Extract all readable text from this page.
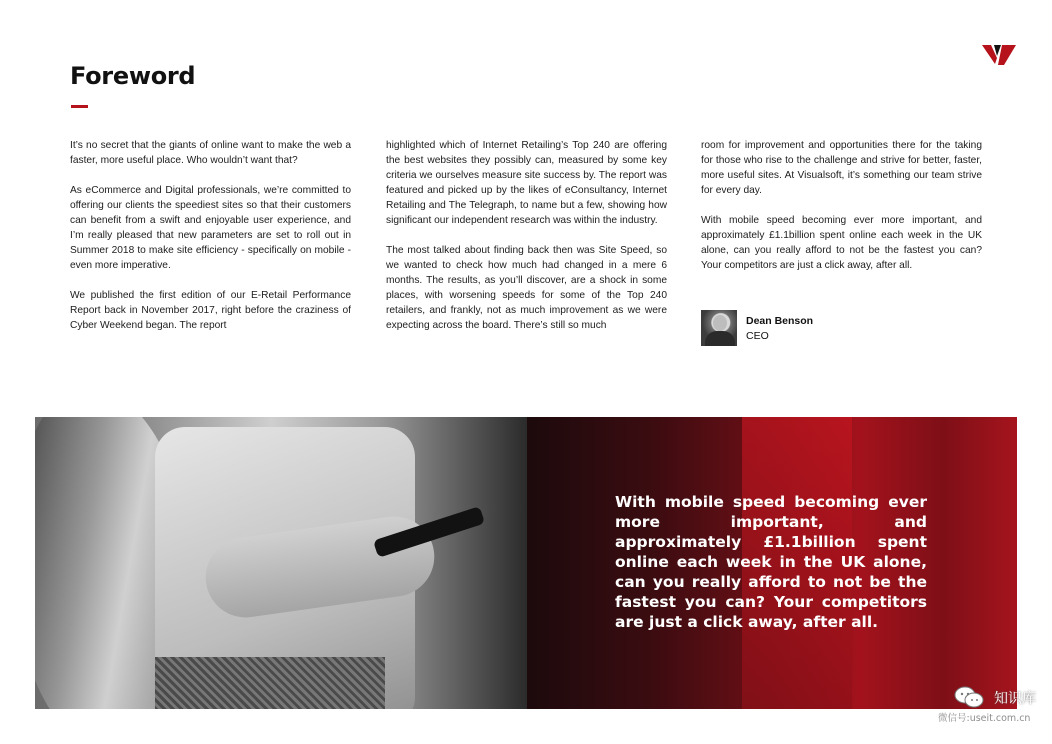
Foreword

It’s no secret that the giants of online want to make the web a faster, more useful place. Who wouldn’t want that?

As eCommerce and Digital professionals, we’re committed to offering our clients the speediest sites so that their customers can benefit from a swift and enjoyable user experience, and I’m really pleased that new parameters are set to roll out in Summer 2018 to make site efficiency - specifically on mobile - even more imperative.

We published the first edition of our E-Retail Performance Report back in November 2017, right before the craziness of Cyber Weekend began. The report

highlighted which of Internet Retailing’s Top 240 are offering the best websites they possibly can, measured by some key criteria we ourselves measure site success by. The report was featured and picked up by the likes of eConsultancy, Internet Retailing and The Telegraph, to name but a few, showing how significant our independent research was within the industry.

The most talked about finding back then was Site Speed, so we wanted to check how much had changed in a mere 6 months. The results, as you’ll discover, are a shock in some places, with worsening speeds for some of the Top 240 retailers, and frankly, not as much improvement as we were expecting across the board. There’s still so much

room for improvement and opportunities there for the taking for those who rise to the challenge and strive for better, faster, more useful sites. At Visualsoft, it’s something our team strive for every day.

With mobile speed becoming ever more important, and approximately £1.1billion spent online each week in the UK alone, can you really afford to not be the fastest you can? Your competitors are just a click away, after all.

Dean Benson
CEO

With mobile speed becoming ever more important, and approximately £1.1billion spent online each week in the UK alone, can you really afford to not be the fastest you can? Your competitors are just a click away, after all.

知识库
微信号:useit.com.cn
